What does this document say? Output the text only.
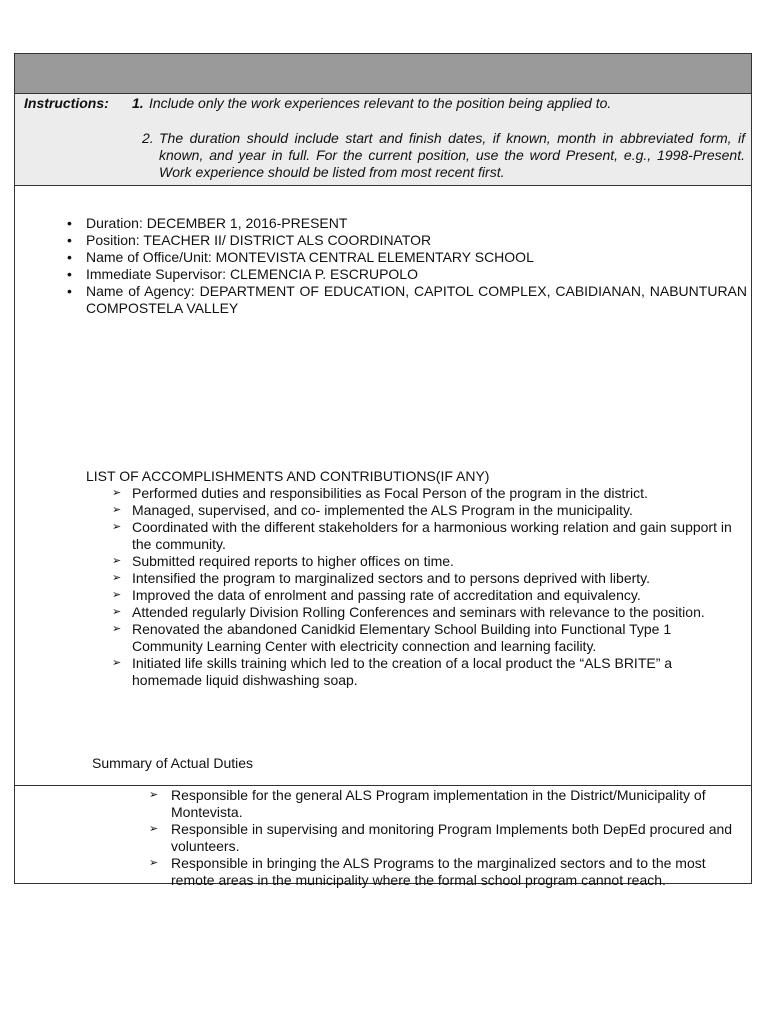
Instructions: 1. Include only the work experiences relevant to the position being applied to.
2. The duration should include start and finish dates, if known, month in abbreviated form, if known, and year in full. For the current position, use the word Present, e.g., 1998-Present. Work experience should be listed from most recent first.
• Duration: DECEMBER 1, 2016-PRESENT
• Position: TEACHER II/ DISTRICT ALS COORDINATOR
• Name of Office/Unit: MONTEVISTA CENTRAL ELEMENTARY SCHOOL
• Immediate Supervisor: CLEMENCIA P. ESCRUPOLO
• Name of Agency: DEPARTMENT OF EDUCATION, CAPITOL COMPLEX, CABIDIANAN, NABUNTURAN COMPOSTELA VALLEY
LIST OF ACCOMPLISHMENTS AND CONTRIBUTIONS(IF ANY)
➢ Performed duties and responsibilities as Focal Person of the program in the district.
➢ Managed, supervised, and co- implemented the ALS Program in the municipality.
➢ Coordinated with the different stakeholders for a harmonious working relation and gain support in the community.
➢ Submitted required reports to higher offices on time.
➢ Intensified the program to marginalized sectors and to persons deprived with liberty.
➢ Improved the data of enrolment and passing rate of accreditation and equivalency.
➢ Attended regularly Division Rolling Conferences and seminars with relevance to the position.
➢ Renovated the abandoned Canidkid Elementary School Building into Functional Type 1 Community Learning Center with electricity connection and learning facility.
➢ Initiated life skills training which led to the creation of a local product the “ALS BRITE” a homemade liquid dishwashing soap.
Summary of Actual Duties
➢ Responsible for the general ALS Program implementation in the District/Municipality of Montevista.
➢ Responsible in supervising and monitoring Program Implements both DepEd procured and volunteers.
➢ Responsible in bringing the ALS Programs to the marginalized sectors and to the most remote areas in the municipality where the formal school program cannot reach.
